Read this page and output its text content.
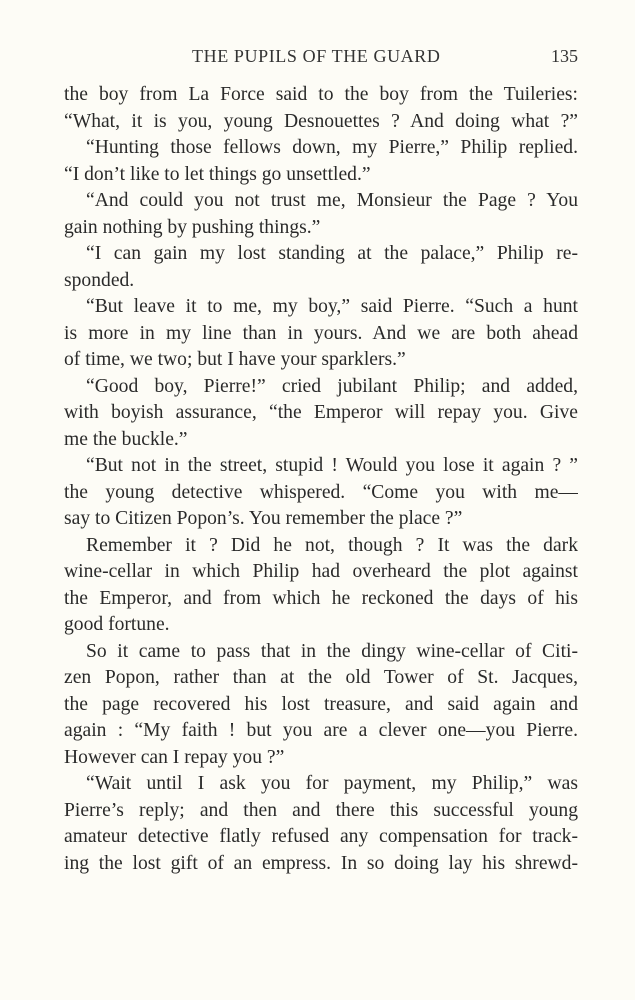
THE PUPILS OF THE GUARD	135
the boy from La Force said to the boy from the Tuileries:
“What, it is you, young Desnouettes ? And doing what ?”
“Hunting those fellows down, my Pierre,” Philip replied.
“I don’t like to let things go unsettled.”
“And could you not trust me, Monsieur the Page ? You
gain nothing by pushing things.”
“I can gain my lost standing at the palace,” Philip re-
sponded.
“But leave it to me, my boy,” said Pierre. “Such a hunt
is more in my line than in yours. And we are both ahead
of time, we two; but I have your sparklers.”
“Good boy, Pierre!” cried jubilant Philip; and added,
with boyish assurance, “the Emperor will repay you. Give
me the buckle.”
“But not in the street, stupid ! Would you lose it again ? ”
the young detective whispered. “Come you with me—
say to Citizen Popon’s. You remember the place ?”
Remember it ? Did he not, though ? It was the dark
wine-cellar in which Philip had overheard the plot against
the Emperor, and from which he reckoned the days of his
good fortune.
So it came to pass that in the dingy wine-cellar of Citi-
zen Popon, rather than at the old Tower of St. Jacques,
the page recovered his lost treasure, and said again and
again : “My faith ! but you are a clever one—you Pierre.
However can I repay you ?”
“Wait until I ask you for payment, my Philip,” was
Pierre’s reply; and then and there this successful young
amateur detective flatly refused any compensation for track-
ing the lost gift of an empress. In so doing lay his shrewd-
